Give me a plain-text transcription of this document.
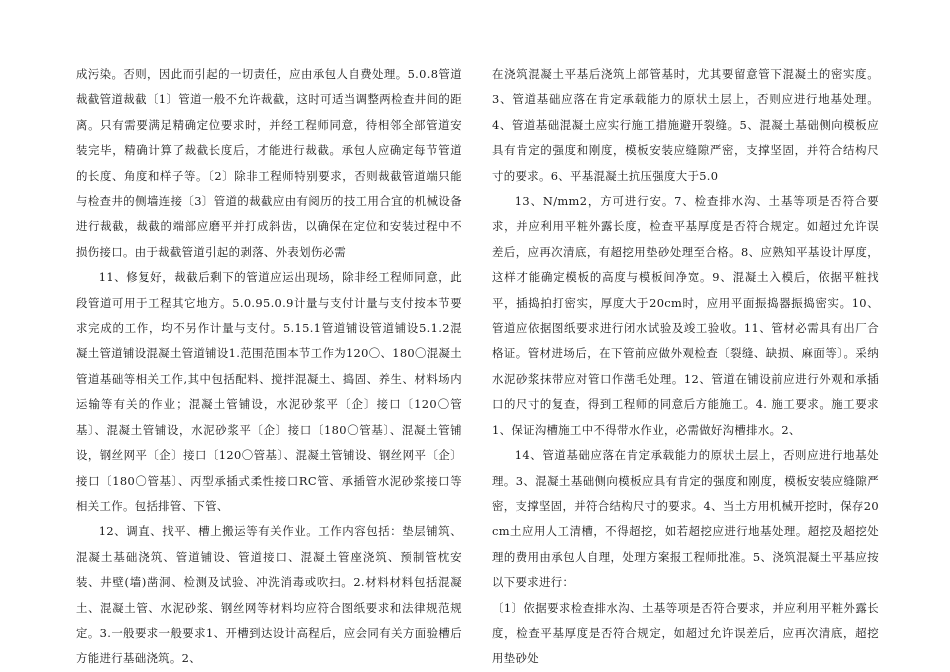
成污染。否则，因此而引起的一切责任，应由承包人自费处理。5.0.8管道裁截管道裁截〔1〕管道一般不允许裁截，这时可适当调整两检查井间的距离。只有需要满足精确定位要求时，并经工程师同意，待相邻全部管道安装完毕，精确计算了裁截长度后，才能进行裁截。承包人应确定每节管道的长度、角度和样子等。〔2〕除非工程师特别要求，否则裁截管道端只能与检查井的侧墙连接〔3〕管道的裁截应由有阅历的技工用合宜的机械设备进行裁截，裁截的端部应磨平并打成斜齿，以确保在定位和安装过程中不损伤接口。由于裁截管道引起的剥落、外表划伤必需

11、修复好，裁截后剩下的管道应运出现场，除非经工程师同意，此段管道可用于工程其它地方。5.0.95.0.9计量与支付计量与支付按本节要求完成的工作，均不另作计量与支付。5.15.1管道铺设管道铺设5.1.2混凝土管道铺设混凝土管道铺设1.范围范围本节工作为120〇、180〇混凝土管道基础等相关工作,其中包括配料、搅拌混凝土、捣固、养生、材料场内运输等有关的作业；混凝土管铺设，水泥砂浆平〔企〕接口〔120〇管基〕、混凝土管铺设，水泥砂浆平〔企〕接口〔180〇管基〕、混凝土管铺设，钢丝网平〔企〕接口〔120〇管基〕、混凝土管铺设、钢丝网平〔企〕接口〔180〇管基〕、丙型承插式柔性接口RC管、承插管水泥砂浆接口等相关工作。包括排管、下管、

12、调直、找平、槽上搬运等有关作业。工作内容包括：垫层铺筑、混凝土基础浇筑、管道铺设、管道接口、混凝土管座浇筑、预制管枕安装、井壁(墙)凿洞、检测及试验、冲洗消毒或吹扫。2.材料材料包括混凝土、混凝土管、水泥砂浆、钢丝网等材料均应符合图纸要求和法律规范规定。3.一般要求一般要求1、开槽到达设计高程后，应会同有关方面验槽后方能进行基础浇筑。2、

在浇筑混凝土平基后浇筑上部管基时，尤其要留意管下混凝土的密实度。3、管道基础应落在肯定承载能力的原状土层上，否则应进行地基处理。4、管道基础混凝土应实行施工措施避开裂缝。5、混凝土基础侧向模板应具有肯定的强度和刚度，模板安装应缝隙严密，支撑坚固，并符合结构尺寸的要求。6、平基混凝土抗压强度大于5.0

13、N/mm2，方可进行安。7、检查排水沟、土基等项是否符合要求，并应利用平粧外露长度，检查平基厚度是否符合规定。如超过允许误差后，应再次清底，有超挖用垫砂处理至合格。8、应熟知平基设计厚度，这样才能确定模板的高度与模板间净宽。9、混凝土入模后，依据平粧找平，插捣拍打密实，厚度大于20cm时，应用平面振捣器振捣密实。10、管道应依据图纸要求进行闭水试验及竣工验收。11、管材必需具有出厂合格证。管材进场后，在下管前应做外观检查〔裂缝、缺损、麻面等〕。采纳水泥砂浆抹带应对管口作凿毛处理。12、管道在铺设前应进行外观和承插口的尺寸的复查，得到工程师的同意后方能施工。4. 施工要求。施工要求1、保证沟槽施工中不得带水作业，必需做好沟槽排水。2、

14、管道基础应落在肯定承载能力的原状土层上，否则应进行地基处理。3、混凝土基础侧向模板应具有肯定的强度和刚度，模板安装应缝隙严密，支撑坚固，并符合结构尺寸的要求。4、当土方用机械开挖时，保存20cm土应用人工清槽，不得超挖，如若超挖应进行地基处理。超挖及超挖处理的费用由承包人自理，处理方案报工程师批准。5、浇筑混凝土平基应按以下要求进行：

〔1〕依据要求检查排水沟、土基等项是否符合要求，并应利用平粧外露长度，检查平基厚度是否符合规定，如超过允许误差后，应再次清底，超挖用垫砂处
